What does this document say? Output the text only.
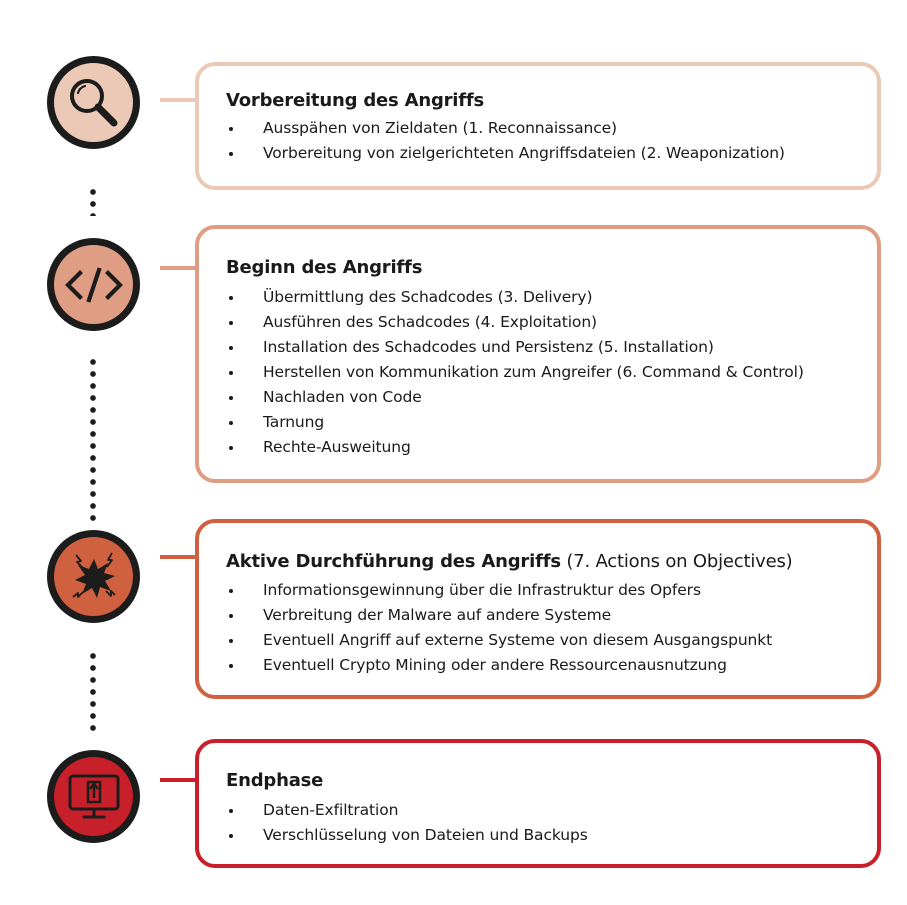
Vorbereitung des Angriffs
Ausspähen von Zieldaten (1. Reconnaissance)
Vorbereitung von zielgerichteten Angriffsdateien (2. Weaponization)
Beginn des Angriffs
Übermittlung des Schadcodes (3. Delivery)
Ausführen des Schadcodes (4. Exploitation)
Installation des Schadcodes und Persistenz (5. Installation)
Herstellen von Kommunikation zum Angreifer (6. Command & Control)
Nachladen von Code
Tarnung
Rechte-Ausweitung
Aktive Durchführung des Angriffs (7. Actions on Objectives)
Informationsgewinnung über die Infrastruktur des Opfers
Verbreitung der Malware auf andere Systeme
Eventuell Angriff auf externe Systeme von diesem Ausgangspunkt
Eventuell Crypto Mining oder andere Ressourcenausnutzung
Endphase
Daten-Exfiltration
Verschlüsselung von Dateien und Backups
